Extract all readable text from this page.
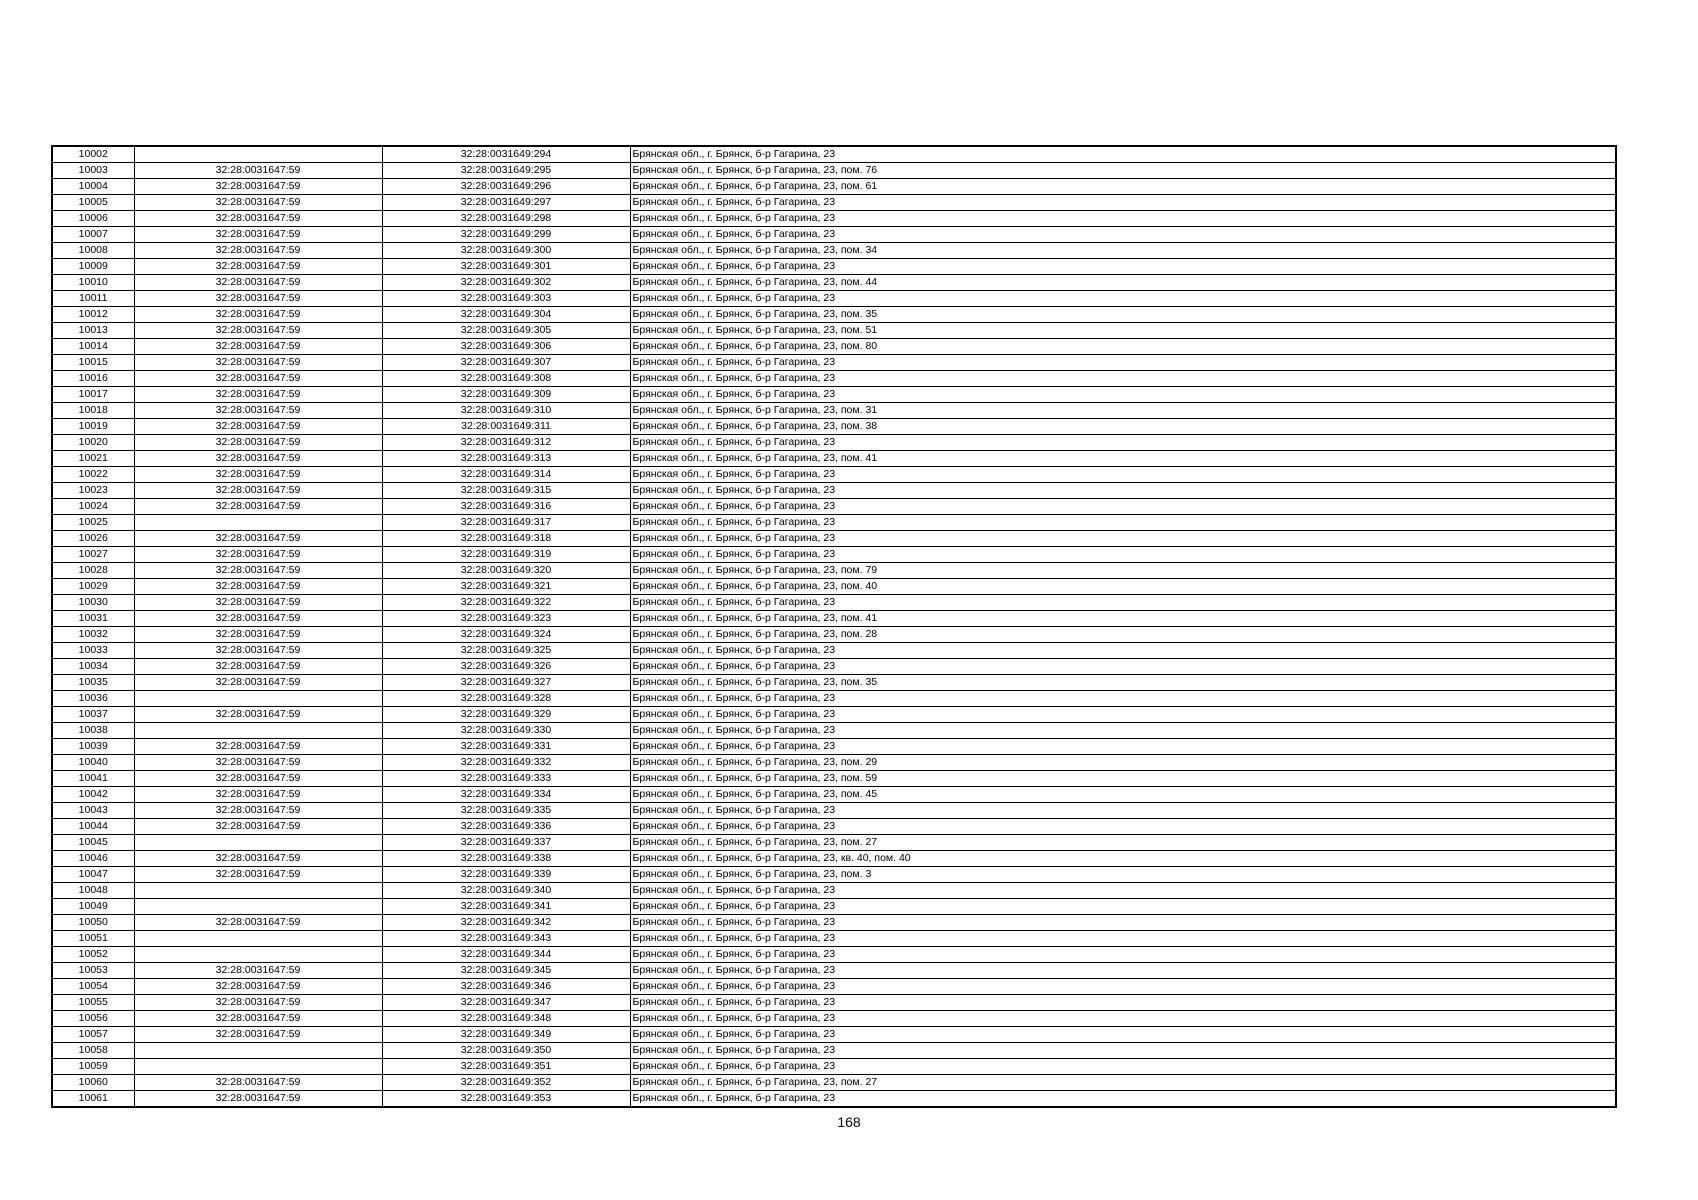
10002		32:28:0031649:294	Брянская обл., г. Брянск, б-р Гагарина, 23
10003	32:28:0031647:59	32:28:0031649:295	Брянская обл., г. Брянск, б-р Гагарина, 23, пом. 76
10004	32:28:0031647:59	32:28:0031649:296	Брянская обл., г. Брянск, б-р Гагарина, 23, пом. 61
10005	32:28:0031647:59	32:28:0031649:297	Брянская обл., г. Брянск, б-р Гагарина, 23
10006	32:28:0031647:59	32:28:0031649:298	Брянская обл., г. Брянск, б-р Гагарина, 23
10007	32:28:0031647:59	32:28:0031649:299	Брянская обл., г. Брянск, б-р Гагарина, 23
10008	32:28:0031647:59	32:28:0031649:300	Брянская обл., г. Брянск, б-р Гагарина, 23, пом. 34
10009	32:28:0031647:59	32:28:0031649:301	Брянская обл., г. Брянск, б-р Гагарина, 23
10010	32:28:0031647:59	32:28:0031649:302	Брянская обл., г. Брянск, б-р Гагарина, 23, пом. 44
10011	32:28:0031647:59	32:28:0031649:303	Брянская обл., г. Брянск, б-р Гагарина, 23
10012	32:28:0031647:59	32:28:0031649:304	Брянская обл., г. Брянск, б-р Гагарина, 23, пом. 35
10013	32:28:0031647:59	32:28:0031649:305	Брянская обл., г. Брянск, б-р Гагарина, 23, пом. 51
10014	32:28:0031647:59	32:28:0031649:306	Брянская обл., г. Брянск, б-р Гагарина, 23, пом. 80
10015	32:28:0031647:59	32:28:0031649:307	Брянская обл., г. Брянск, б-р Гагарина, 23
10016	32:28:0031647:59	32:28:0031649:308	Брянская обл., г. Брянск, б-р Гагарина, 23
10017	32:28:0031647:59	32:28:0031649:309	Брянская обл., г. Брянск, б-р Гагарина, 23
10018	32:28:0031647:59	32:28:0031649:310	Брянская обл., г. Брянск, б-р Гагарина, 23, пом. 31
10019	32:28:0031647:59	32:28:0031649:311	Брянская обл., г. Брянск, б-р Гагарина, 23, пом. 38
10020	32:28:0031647:59	32:28:0031649:312	Брянская обл., г. Брянск, б-р Гагарина, 23
10021	32:28:0031647:59	32:28:0031649:313	Брянская обл., г. Брянск, б-р Гагарина, 23, пом. 41
10022	32:28:0031647:59	32:28:0031649:314	Брянская обл., г. Брянск, б-р Гагарина, 23
10023	32:28:0031647:59	32:28:0031649:315	Брянская обл., г. Брянск, б-р Гагарина, 23
10024	32:28:0031647:59	32:28:0031649:316	Брянская обл., г. Брянск, б-р Гагарина, 23
10025		32:28:0031649:317	Брянская обл., г. Брянск, б-р Гагарина, 23
10026	32:28:0031647:59	32:28:0031649:318	Брянская обл., г. Брянск, б-р Гагарина, 23
10027	32:28:0031647:59	32:28:0031649:319	Брянская обл., г. Брянск, б-р Гагарина, 23
10028	32:28:0031647:59	32:28:0031649:320	Брянская обл., г. Брянск, б-р Гагарина, 23, пом. 79
10029	32:28:0031647:59	32:28:0031649:321	Брянская обл., г. Брянск, б-р Гагарина, 23, пом. 40
10030	32:28:0031647:59	32:28:0031649:322	Брянская обл., г. Брянск, б-р Гагарина, 23
10031	32:28:0031647:59	32:28:0031649:323	Брянская обл., г. Брянск, б-р Гагарина, 23, пом. 41
10032	32:28:0031647:59	32:28:0031649:324	Брянская обл., г. Брянск, б-р Гагарина, 23, пом. 28
10033	32:28:0031647:59	32:28:0031649:325	Брянская обл., г. Брянск, б-р Гагарина, 23
10034	32:28:0031647:59	32:28:0031649:326	Брянская обл., г. Брянск, б-р Гагарина, 23
10035	32:28:0031647:59	32:28:0031649:327	Брянская обл., г. Брянск, б-р Гагарина, 23, пом. 35
10036		32:28:0031649:328	Брянская обл., г. Брянск, б-р Гагарина, 23
10037	32:28:0031647:59	32:28:0031649:329	Брянская обл., г. Брянск, б-р Гагарина, 23
10038		32:28:0031649:330	Брянская обл., г. Брянск, б-р Гагарина, 23
10039	32:28:0031647:59	32:28:0031649:331	Брянская обл., г. Брянск, б-р Гагарина, 23
10040	32:28:0031647:59	32:28:0031649:332	Брянская обл., г. Брянск, б-р Гагарина, 23, пом. 29
10041	32:28:0031647:59	32:28:0031649:333	Брянская обл., г. Брянск, б-р Гагарина, 23, пом. 59
10042	32:28:0031647:59	32:28:0031649:334	Брянская обл., г. Брянск, б-р Гагарина, 23, пом. 45
10043	32:28:0031647:59	32:28:0031649:335	Брянская обл., г. Брянск, б-р Гагарина, 23
10044	32:28:0031647:59	32:28:0031649:336	Брянская обл., г. Брянск, б-р Гагарина, 23
10045		32:28:0031649:337	Брянская обл., г. Брянск, б-р Гагарина, 23, пом. 27
10046	32:28:0031647:59	32:28:0031649:338	Брянская обл., г. Брянск, б-р Гагарина, 23, кв. 40, пом. 40
10047	32:28:0031647:59	32:28:0031649:339	Брянская обл., г. Брянск, б-р Гагарина, 23, пом. 3
10048		32:28:0031649:340	Брянская обл., г. Брянск, б-р Гагарина, 23
10049		32:28:0031649:341	Брянская обл., г. Брянск, б-р Гагарина, 23
10050	32:28:0031647:59	32:28:0031649:342	Брянская обл., г. Брянск, б-р Гагарина, 23
10051		32:28:0031649:343	Брянская обл., г. Брянск, б-р Гагарина, 23
10052		32:28:0031649:344	Брянская обл., г. Брянск, б-р Гагарина, 23
10053	32:28:0031647:59	32:28:0031649:345	Брянская обл., г. Брянск, б-р Гагарина, 23
10054	32:28:0031647:59	32:28:0031649:346	Брянская обл., г. Брянск, б-р Гагарина, 23
10055	32:28:0031647:59	32:28:0031649:347	Брянская обл., г. Брянск, б-р Гагарина, 23
10056	32:28:0031647:59	32:28:0031649:348	Брянская обл., г. Брянск, б-р Гагарина, 23
10057	32:28:0031647:59	32:28:0031649:349	Брянская обл., г. Брянск, б-р Гагарина, 23
10058		32:28:0031649:350	Брянская обл., г. Брянск, б-р Гагарина, 23
10059		32:28:0031649:351	Брянская обл., г. Брянск, б-р Гагарина, 23
10060	32:28:0031647:59	32:28:0031649:352	Брянская обл., г. Брянск, б-р Гагарина, 23, пом. 27
10061	32:28:0031647:59	32:28:0031649:353	Брянская обл., г. Брянск, б-р Гагарина, 23
168
